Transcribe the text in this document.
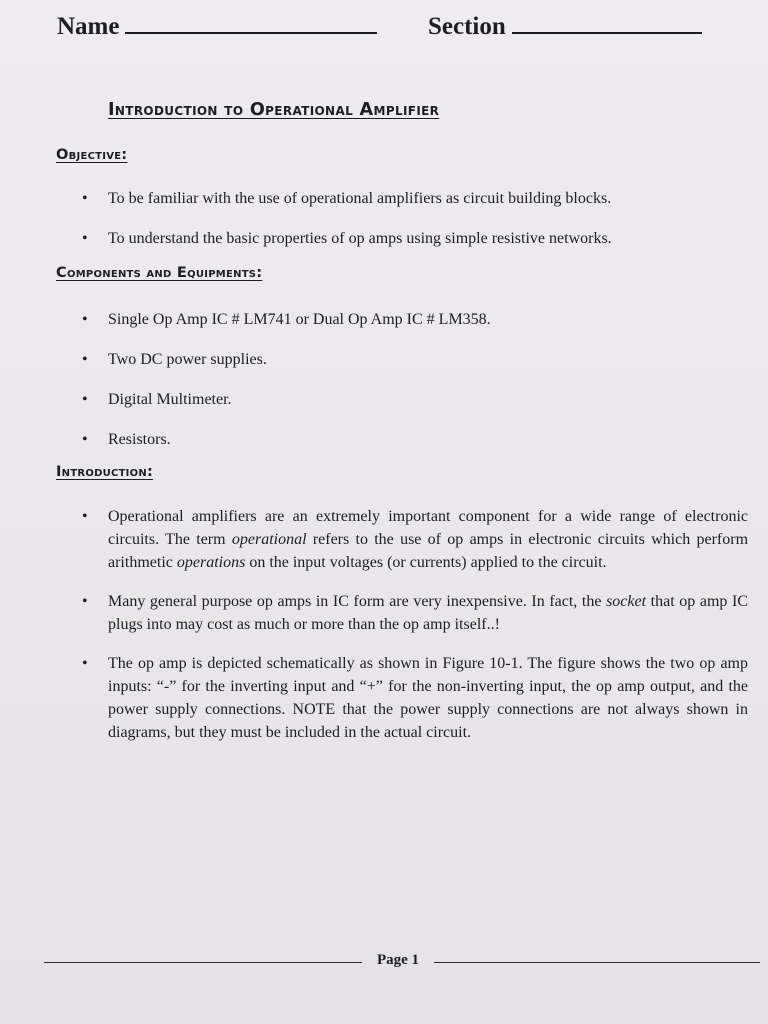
Name	Section
Introduction to Operational Amplifier
Objective:
• To be familiar with the use of operational amplifiers as circuit building blocks.
• To understand the basic properties of op amps using simple resistive networks.
Components and Equipments:
• Single Op Amp IC # LM741 or Dual Op Amp IC # LM358.
• Two DC power supplies.
• Digital Multimeter.
• Resistors.
Introduction:
• Operational amplifiers are an extremely important component for a wide range of electronic circuits. The term operational refers to the use of op amps in electronic circuits which perform arithmetic operations on the input voltages (or currents) applied to the circuit.
• Many general purpose op amps in IC form are very inexpensive. In fact, the socket that op amp IC plugs into may cost as much or more than the op amp itself..!
• The op amp is depicted schematically as shown in Figure 10-1. The figure shows the two op amp inputs: “-” for the inverting input and “+” for the non-inverting input, the op amp output, and the power supply connections. NOTE that the power supply connections are not always shown in diagrams, but they must be included in the actual circuit.
Page 1
